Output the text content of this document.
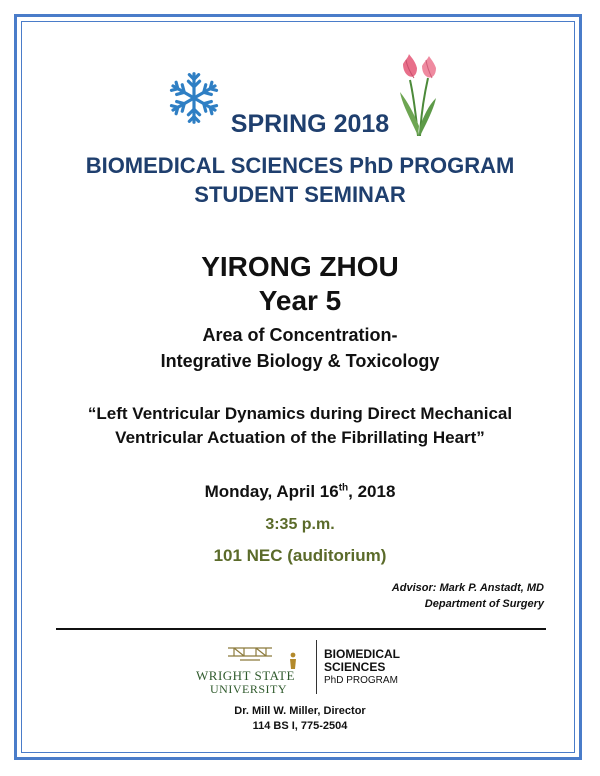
SPRING 2018
BIOMEDICAL SCIENCES PhD PROGRAM
STUDENT SEMINAR
YIRONG ZHOU
Year 5
Area of Concentration-
Integrative Biology & Toxicology
“Left Ventricular Dynamics during Direct Mechanical
Ventricular Actuation of the Fibrillating Heart”
Monday, April 16th, 2018
3:35 p.m.
101 NEC (auditorium)
Advisor: Mark P. Anstadt, MD
Department of Surgery
WRIGHT STATE
UNIVERSITY
BIOMEDICAL
SCIENCES
PhD PROGRAM
Dr. Mill W. Miller, Director
114 BS I, 775-2504
